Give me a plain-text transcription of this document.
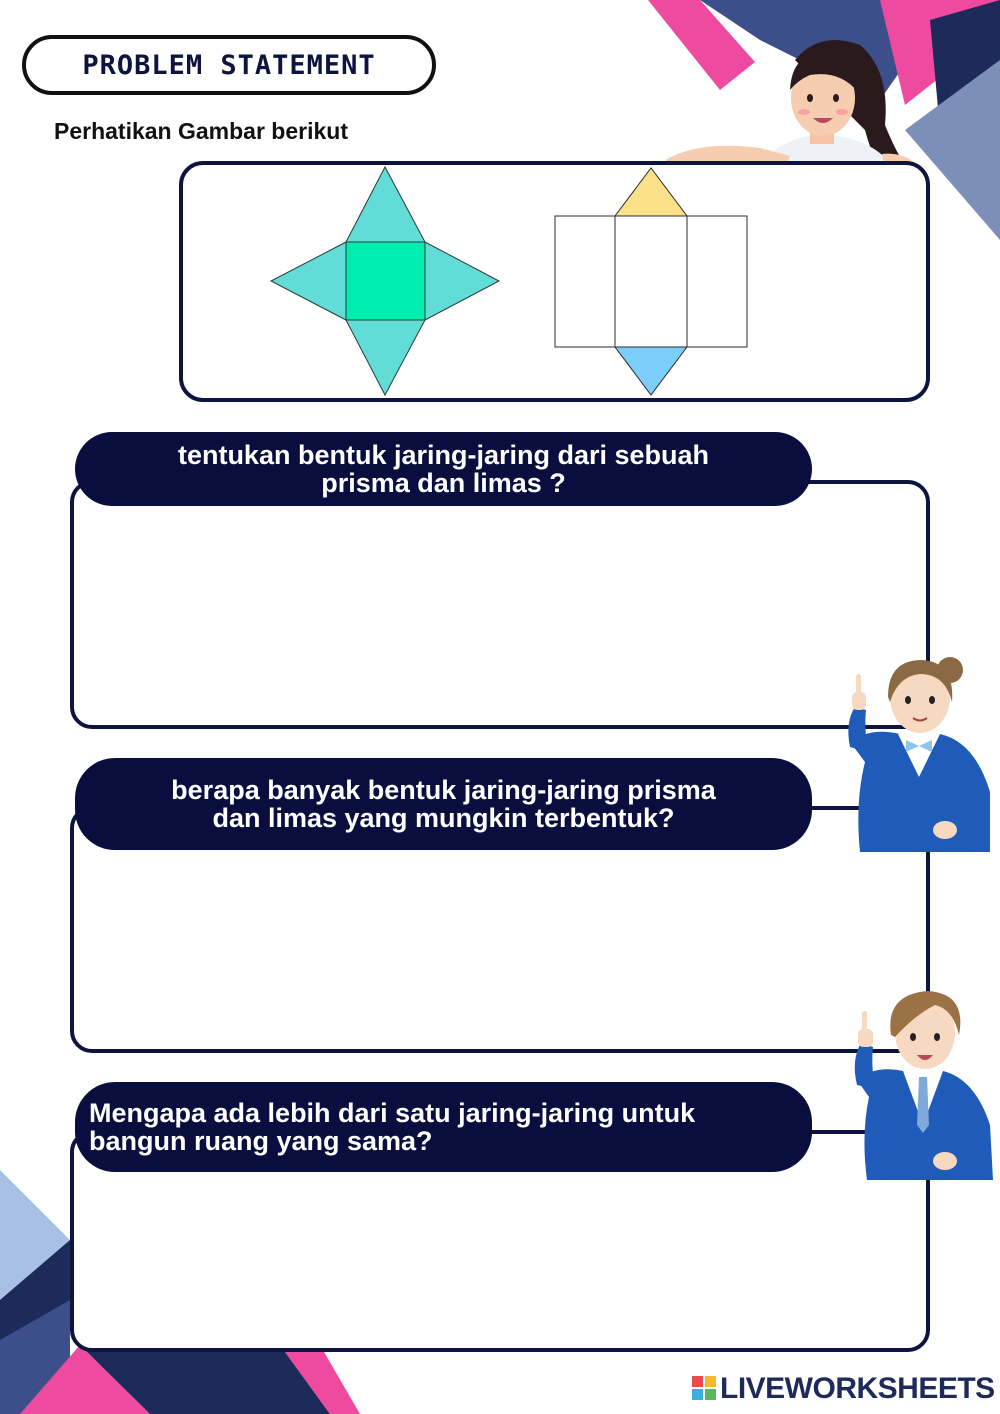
PROBLEM STATEMENT
Perhatikan Gambar berikut
tentukan bentuk jaring-jaring dari sebuah
prisma dan limas ?
berapa banyak bentuk jaring-jaring prisma
dan limas yang mungkin terbentuk?
Mengapa ada lebih dari satu jaring-jaring untuk
bangun ruang yang sama?
LIVEWORKSHEETS
